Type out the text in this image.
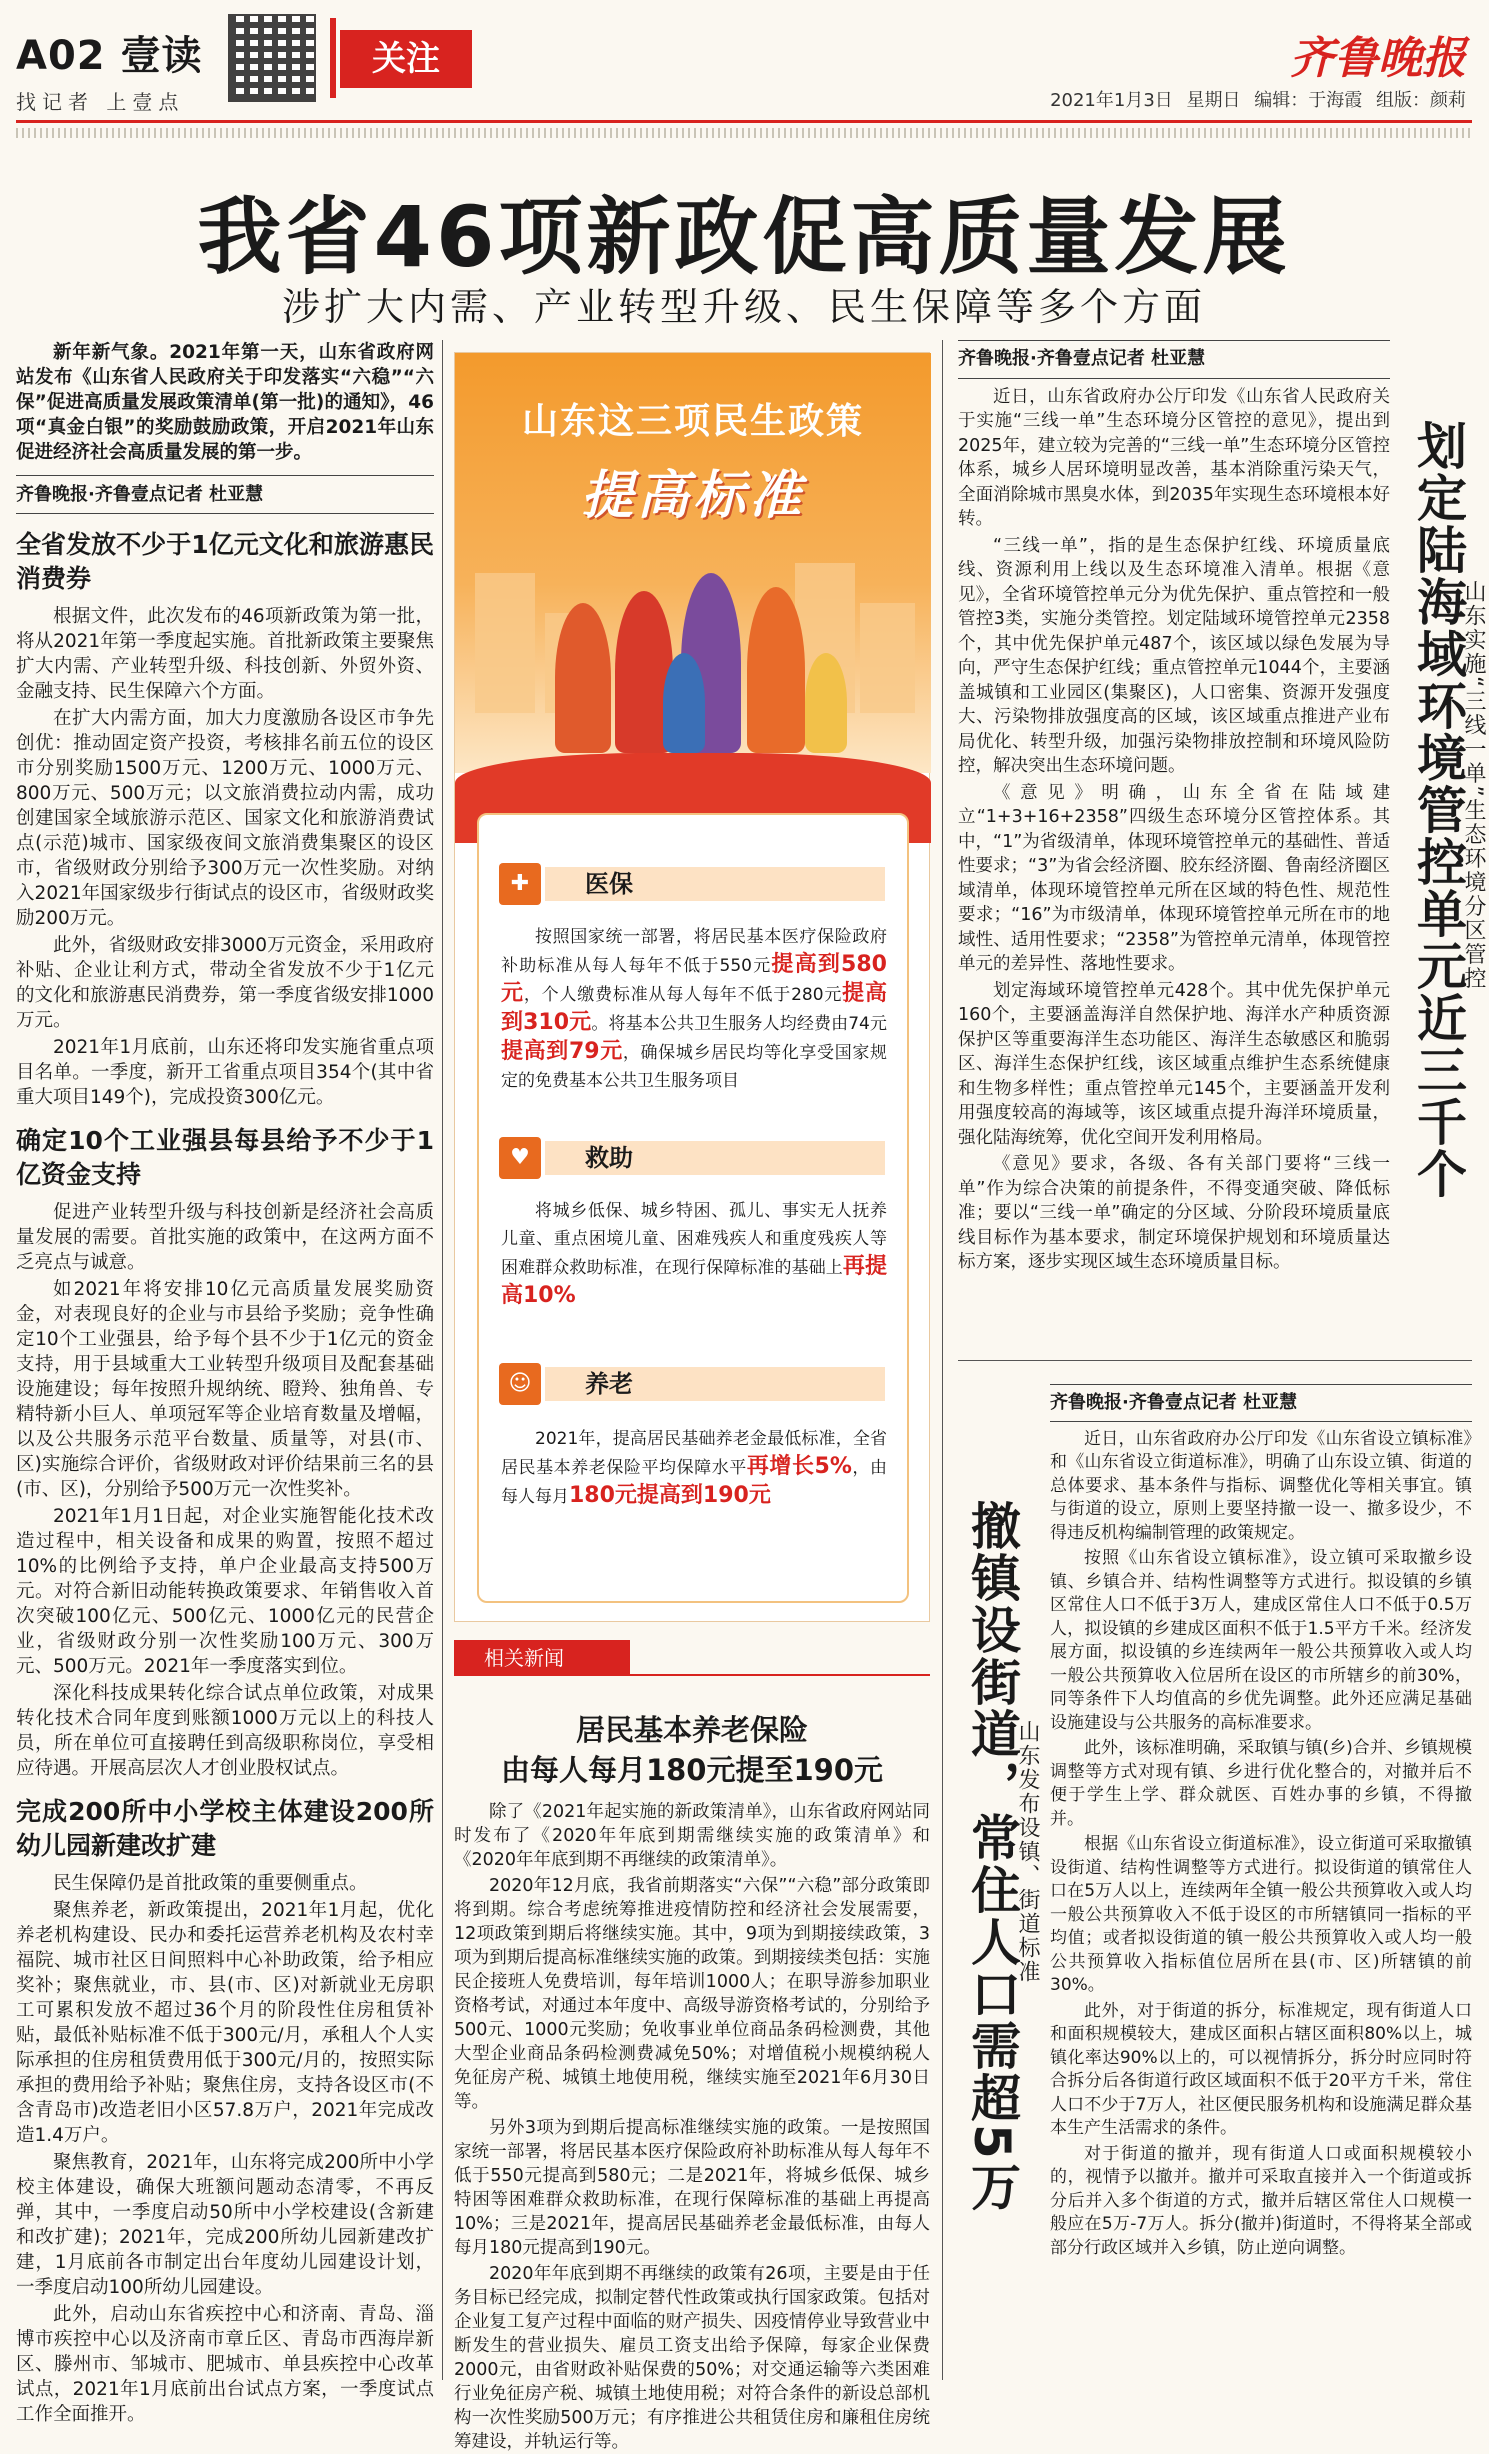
A02 壹读
找记者 上壹点
关注	齐鲁晚报
2021年1月3日 星期日 编辑：于海霞 组版：颜莉
我省46项新政促高质量发展
涉扩大内需、产业转型升级、民生保障等多个方面

新年新气象。2021年第一天，山东省政府网站发布《山东省人民政府关于印发落实“六稳”“六保”促进高质量发展政策清单(第一批)的通知》，46项“真金白银”的奖励鼓励政策，开启2021年山东促进经济社会高质量发展的第一步。

齐鲁晚报·齐鲁壹点记者 杜亚慧
全省发放不少于1亿元文化和旅游惠民消费券

根据文件，此次发布的46项新政策为第一批，将从2021年第一季度起实施。首批新政策主要聚焦扩大内需、产业转型升级、科技创新、外贸外资、金融支持、民生保障六个方面。

在扩大内需方面，加大力度激励各设区市争先创优：推动固定资产投资，考核排名前五位的设区市分别奖励1500万元、1200万元、1000万元、800万元、500万元；以文旅消费拉动内需，成功创建国家全域旅游示范区、国家文化和旅游消费试点(示范)城市、国家级夜间文旅消费集聚区的设区市，省级财政分别给予300万元一次性奖励。对纳入2021年国家级步行街试点的设区市，省级财政奖励200万元。

此外，省级财政安排3000万元资金，采用政府补贴、企业让利方式，带动全省发放不少于1亿元的文化和旅游惠民消费券，第一季度省级安排1000万元。

2021年1月底前，山东还将印发实施省重点项目名单。一季度，新开工省重点项目354个(其中省重大项目149个)，完成投资300亿元。

确定10个工业强县每县给予不少于1亿资金支持

促进产业转型升级与科技创新是经济社会高质量发展的需要。首批实施的政策中，在这两方面不乏亮点与诚意。

如2021年将安排10亿元高质量发展奖励资金，对表现良好的企业与市县给予奖励；竞争性确定10个工业强县，给予每个县不少于1亿元的资金支持，用于县域重大工业转型升级项目及配套基础设施建设；每年按照升规纳统、瞪羚、独角兽、专精特新小巨人、单项冠军等企业培育数量及增幅，以及公共服务示范平台数量、质量等，对县(市、区)实施综合评价，省级财政对评价结果前三名的县(市、区)，分别给予500万元一次性奖补。

2021年1月1日起，对企业实施智能化技术改造过程中，相关设备和成果的购置，按照不超过10%的比例给予支持，单户企业最高支持500万元。对符合新旧动能转换政策要求、年销售收入首次突破100亿元、500亿元、1000亿元的民营企业，省级财政分别一次性奖励100万元、300万元、500万元。2021年一季度落实到位。

深化科技成果转化综合试点单位政策，对成果转化技术合同年度到账额1000万元以上的科技人员，所在单位可直接聘任到高级职称岗位，享受相应待遇。开展高层次人才创业股权试点。

完成200所中小学校主体建设200所幼儿园新建改扩建

民生保障仍是首批政策的重要侧重点。

聚焦养老，新政策提出，2021年1月起，优化养老机构建设、民办和委托运营养老机构及农村幸福院、城市社区日间照料中心补助政策，给予相应奖补；聚焦就业，市、县(市、区)对新就业无房职工可累积发放不超过36个月的阶段性住房租赁补贴，最低补贴标准不低于300元/月，承租人个人实际承担的住房租赁费用低于300元/月的，按照实际承担的费用给予补贴；聚焦住房，支持各设区市(不含青岛市)改造老旧小区57.8万户，2021年完成改造1.4万户。

聚焦教育，2021年，山东将完成200所中小学校主体建设，确保大班额问题动态清零，不再反弹，其中，一季度启动50所中小学校建设(含新建和改扩建)；2021年，完成200所幼儿园新建改扩建，1月底前各市制定出台年度幼儿园建设计划，一季度启动100所幼儿园建设。

此外，启动山东省疾控中心和济南、青岛、淄博市疾控中心以及济南市章丘区、青岛市西海岸新区、滕州市、邹城市、肥城市、单县疾控中心改革试点，2021年1月底前出台试点方案，一季度试点工作全面推开。

山东这三项民生政策
提高标准
✚	医保
按照国家统一部署，将居民基本医疗保险政府补助标准从每人每年不低于550元提高到580元，个人缴费标准从每人每年不低于280元提高到310元。将基本公共卫生服务人均经费由74元提高到79元，确保城乡居民均等化享受国家规定的免费基本公共卫生服务项目
♥	救助
将城乡低保、城乡特困、孤儿、事实无人抚养儿童、重点困境儿童、困难残疾人和重度残疾人等困难群众救助标准，在现行保障标准的基础上再提高10%
☺	养老
2021年，提高居民基础养老金最低标准，全省居民基本养老保险平均保障水平再增长5%，由每人每月180元提高到190元
相关新闻
居民基本养老保险
由每人每月180元提至190元

除了《2021年起实施的新政策清单》，山东省政府网站同时发布了《2020年年底到期需继续实施的政策清单》和《2020年年底到期不再继续的政策清单》。

2020年12月底，我省前期落实“六保”“六稳”部分政策即将到期。综合考虑统筹推进疫情防控和经济社会发展需要，12项政策到期后将继续实施。其中，9项为到期接续政策，3项为到期后提高标准继续实施的政策。到期接续类包括：实施民企接班人免费培训，每年培训1000人；在职导游参加职业资格考试，对通过本年度中、高级导游资格考试的，分别给予500元、1000元奖励；免收事业单位商品条码检测费，其他大型企业商品条码检测费减免50%；对增值税小规模纳税人免征房产税、城镇土地使用税，继续实施至2021年6月30日等。

另外3项为到期后提高标准继续实施的政策。一是按照国家统一部署，将居民基本医疗保险政府补助标准从每人每年不低于550元提高到580元；二是2021年，将城乡低保、城乡特困等困难群众救助标准，在现行保障标准的基础上再提高10%；三是2021年，提高居民基础养老金最低标准，由每人每月180元提高到190元。

2020年年底到期不再继续的政策有26项，主要是由于任务目标已经完成，拟制定替代性政策或执行国家政策。包括对企业复工复产过程中面临的财产损失、因疫情停业导致营业中断发生的营业损失、雇员工资支出给予保障，每家企业保费2000元，由省财政补贴保费的50%；对交通运输等六类困难行业免征房产税、城镇土地使用税；对符合条件的新设总部机构一次性奖励500万元；有序推进公共租赁住房和廉租住房统筹建设，并轨运行等。

齐鲁晚报·齐鲁壹点记者 杜亚慧

近日，山东省政府办公厅印发《山东省人民政府关于实施“三线一单”生态环境分区管控的意见》，提出到2025年，建立较为完善的“三线一单”生态环境分区管控体系，城乡人居环境明显改善，基本消除重污染天气，全面消除城市黑臭水体，到2035年实现生态环境根本好转。

“三线一单”，指的是生态保护红线、环境质量底线、资源利用上线以及生态环境准入清单。根据《意见》，全省环境管控单元分为优先保护、重点管控和一般管控3类，实施分类管控。划定陆域环境管控单元2358个，其中优先保护单元487个，该区域以绿色发展为导向，严守生态保护红线；重点管控单元1044个，主要涵盖城镇和工业园区(集聚区)，人口密集、资源开发强度大、污染物排放强度高的区域，该区域重点推进产业布局优化、转型升级，加强污染物排放控制和环境风险防控，解决突出生态环境问题。

《意见》明确，山东全省在陆域建立“1+3+16+2358”四级生态环境分区管控体系。其中，“1”为省级清单，体现环境管控单元的基础性、普适性要求；“3”为省会经济圈、胶东经济圈、鲁南经济圈区域清单，体现环境管控单元所在区域的特色性、规范性要求；“16”为市级清单，体现环境管控单元所在市的地域性、适用性要求；“2358”为管控单元清单，体现管控单元的差异性、落地性要求。

划定海域环境管控单元428个。其中优先保护单元160个，主要涵盖海洋自然保护地、海洋水产种质资源保护区等重要海洋生态功能区、海洋生态敏感区和脆弱区、海洋生态保护红线，该区域重点维护生态系统健康和生物多样性；重点管控单元145个，主要涵盖开发利用强度较高的海域等，该区域重点提升海洋环境质量，强化陆海统筹，优化空间开发利用格局。

《意见》要求，各级、各有关部门要将“三线一单”作为综合决策的前提条件，不得变通突破、降低标准；要以“三线一单”确定的分区域、分阶段环境质量底线目标作为基本要求，制定环境保护规划和环境质量达标方案，逐步实现区域生态环境质量目标。

划定陆海域环境管控单元近三千个
山东实施“三线一单”生态环境分区管控
撤镇设街道，常住人口需超5万
山东发布设镇、街道标准
齐鲁晚报·齐鲁壹点记者 杜亚慧

近日，山东省政府办公厅印发《山东省设立镇标准》和《山东省设立街道标准》，明确了山东设立镇、街道的总体要求、基本条件与指标、调整优化等相关事宜。镇与街道的设立，原则上要坚持撤一设一、撤多设少，不得违反机构编制管理的政策规定。

按照《山东省设立镇标准》，设立镇可采取撤乡设镇、乡镇合并、结构性调整等方式进行。拟设镇的乡镇区常住人口不低于3万人，建成区常住人口不低于0.5万人，拟设镇的乡建成区面积不低于1.5平方千米。经济发展方面，拟设镇的乡连续两年一般公共预算收入或人均一般公共预算收入位居所在设区的市所辖乡的前30%，同等条件下人均值高的乡优先调整。此外还应满足基础设施建设与公共服务的高标准要求。

此外，该标准明确，采取镇与镇(乡)合并、乡镇规模调整等方式对现有镇、乡进行优化整合的，对撤并后不便于学生上学、群众就医、百姓办事的乡镇，不得撤并。

根据《山东省设立街道标准》，设立街道可采取撤镇设街道、结构性调整等方式进行。拟设街道的镇常住人口在5万人以上，连续两年全镇一般公共预算收入或人均一般公共预算收入不低于设区的市所辖镇同一指标的平均值；或者拟设街道的镇一般公共预算收入或人均一般公共预算收入指标值位居所在县(市、区)所辖镇的前30%。

此外，对于街道的拆分，标准规定，现有街道人口和面积规模较大，建成区面积占辖区面积80%以上，城镇化率达90%以上的，可以视情拆分，拆分时应同时符合拆分后各街道行政区域面积不低于20平方千米，常住人口不少于7万人，社区便民服务机构和设施满足群众基本生产生活需求的条件。

对于街道的撤并，现有街道人口或面积规模较小的，视情予以撤并。撤并可采取直接并入一个街道或拆分后并入多个街道的方式，撤并后辖区常住人口规模一般应在5万-7万人。拆分(撤并)街道时，不得将某全部或部分行政区域并入乡镇，防止逆向调整。
